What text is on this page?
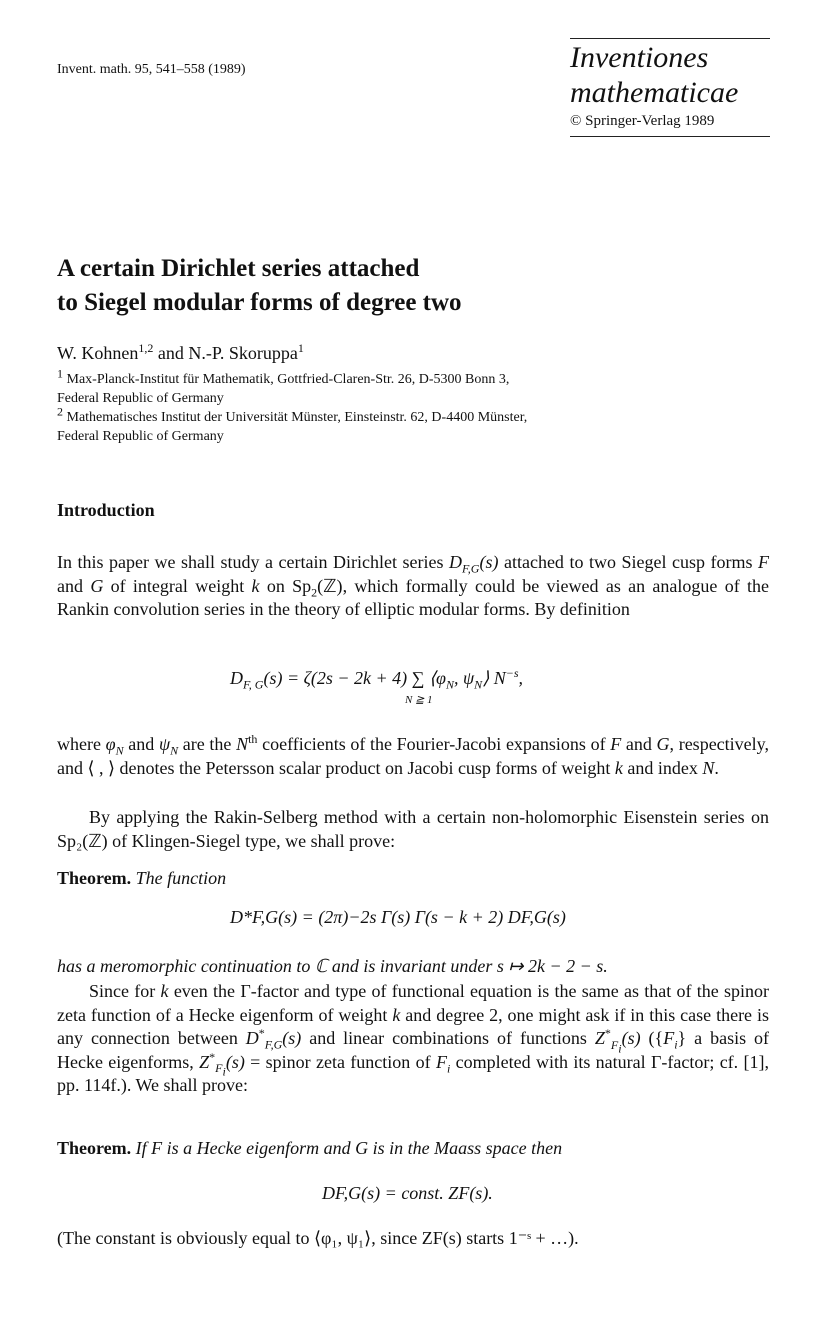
Invent. math. 95, 541–558 (1989)	Inventiones
mathematicae
© Springer-Verlag 1989
A certain Dirichlet series attached
to Siegel modular forms of degree two
W. Kohnen$^{1,2}$ and N.-P. Skoruppa$^1$
$^1$ Max-Planck-Institut für Mathematik, Gottfried-Claren-Str. 26, D-5300 Bonn 3,
Federal Republic of Germany
$^2$ Mathematisches Institut der Universität Münster, Einsteinstr. 62, D-4400 Münster,
Federal Republic of Germany
Introduction
In this paper we shall study a certain Dirichlet series $D_{F,G}(s)$ attached to two Siegel cusp forms F and G of integral weight k on $Sp_2(ℤ)$, which formally could be viewed as an analogue of the Rankin convolution series in the theory of elliptic modular forms. By definition
$D_{F, G}(s) = \zeta(2s - 2k + 4)$ ∑ $⟨\varphi_N$, $\psi_N⟩$ $N^{-s}$,
N ≧ 1
where $\varphi_N$ and $\psi_N$ are the $N^{th}$ coefficients of the Fourier-Jacobi expansions of F and G, respectively, and ⟨ , ⟩ denotes the Petersson scalar product on Jacobi cusp forms of weight k and index N.
By applying the Rakin-Selberg method with a certain non-holomorphic Eisenstein series on Sp₂(ℤ) of Klingen-Siegel type, we shall prove:
Theorem. The function
D*F,G(s) = (2π)−2s Γ(s) Γ(s − k + 2) DF,G(s)
has a meromorphic continuation to ℂ and is invariant under s ↦ 2k − 2 − s.
Since for k even the Γ-factor and type of functional equation is the same as that of the spinor zeta function of a Hecke eigenform of weight k and degree 2, one might ask if in this case there is any connection between $D^*_{F,G}(s)$ and linear combinations of functions $Z^*_{F_i}(s)$ ($\{F_i\}$ a basis of Hecke eigenforms, $Z^*_{F_i}(s)$ = spinor zeta function of $F_i$ completed with its natural Γ-factor; cf. [1], pp. 114f.). We shall prove:
Theorem. If F is a Hecke eigenform and G is in the Maass space then
DF,G(s) = const. ZF(s).
(The constant is obviously equal to ⟨φ₁, ψ₁⟩, since ZF(s) starts 1⁻ˢ + …).
